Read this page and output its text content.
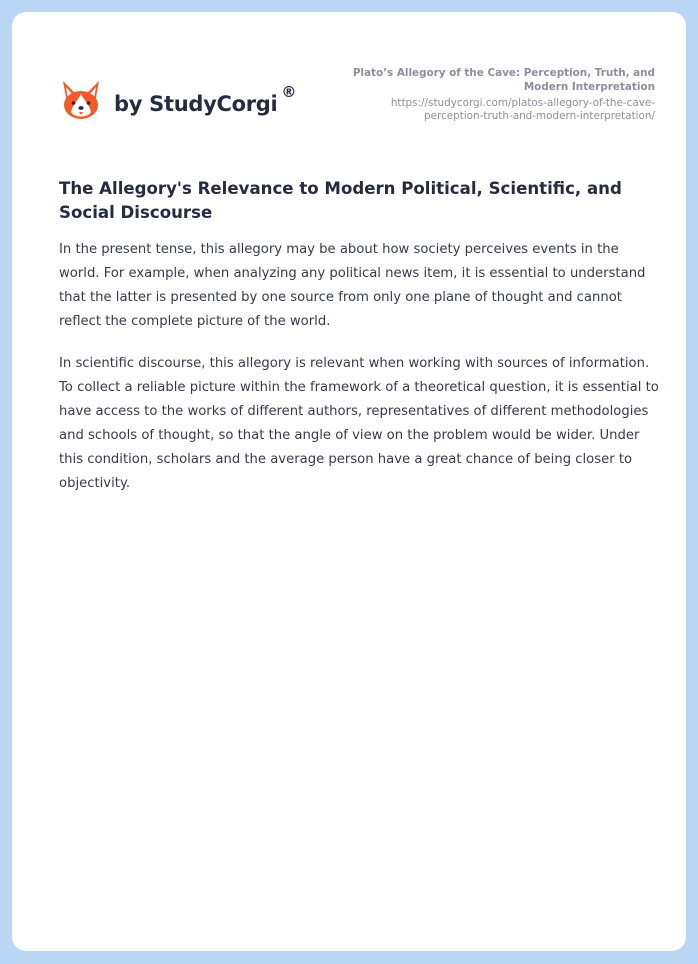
by StudyCorgi ®
Plato’s Allegory of the Cave: Perception, Truth, and
Modern Interpretation
https://studycorgi.com/platos-allegory-of-the-cave-
perception-truth-and-modern-interpretation/
The Allegory's Relevance to Modern Political, Scientific, and Social Discourse

In the present tense, this allegory may be about how society perceives events in the world. For example, when analyzing any political news item, it is essential to understand that the latter is presented by one source from only one plane of thought and cannot reflect the complete picture of the world.

In scientific discourse, this allegory is relevant when working with sources of information. To collect a reliable picture within the framework of a theoretical question, it is essential to have access to the works of different authors, representatives of different methodologies and schools of thought, so that the angle of view on the problem would be wider. Under this condition, scholars and the average person have a great chance of being closer to objectivity.
